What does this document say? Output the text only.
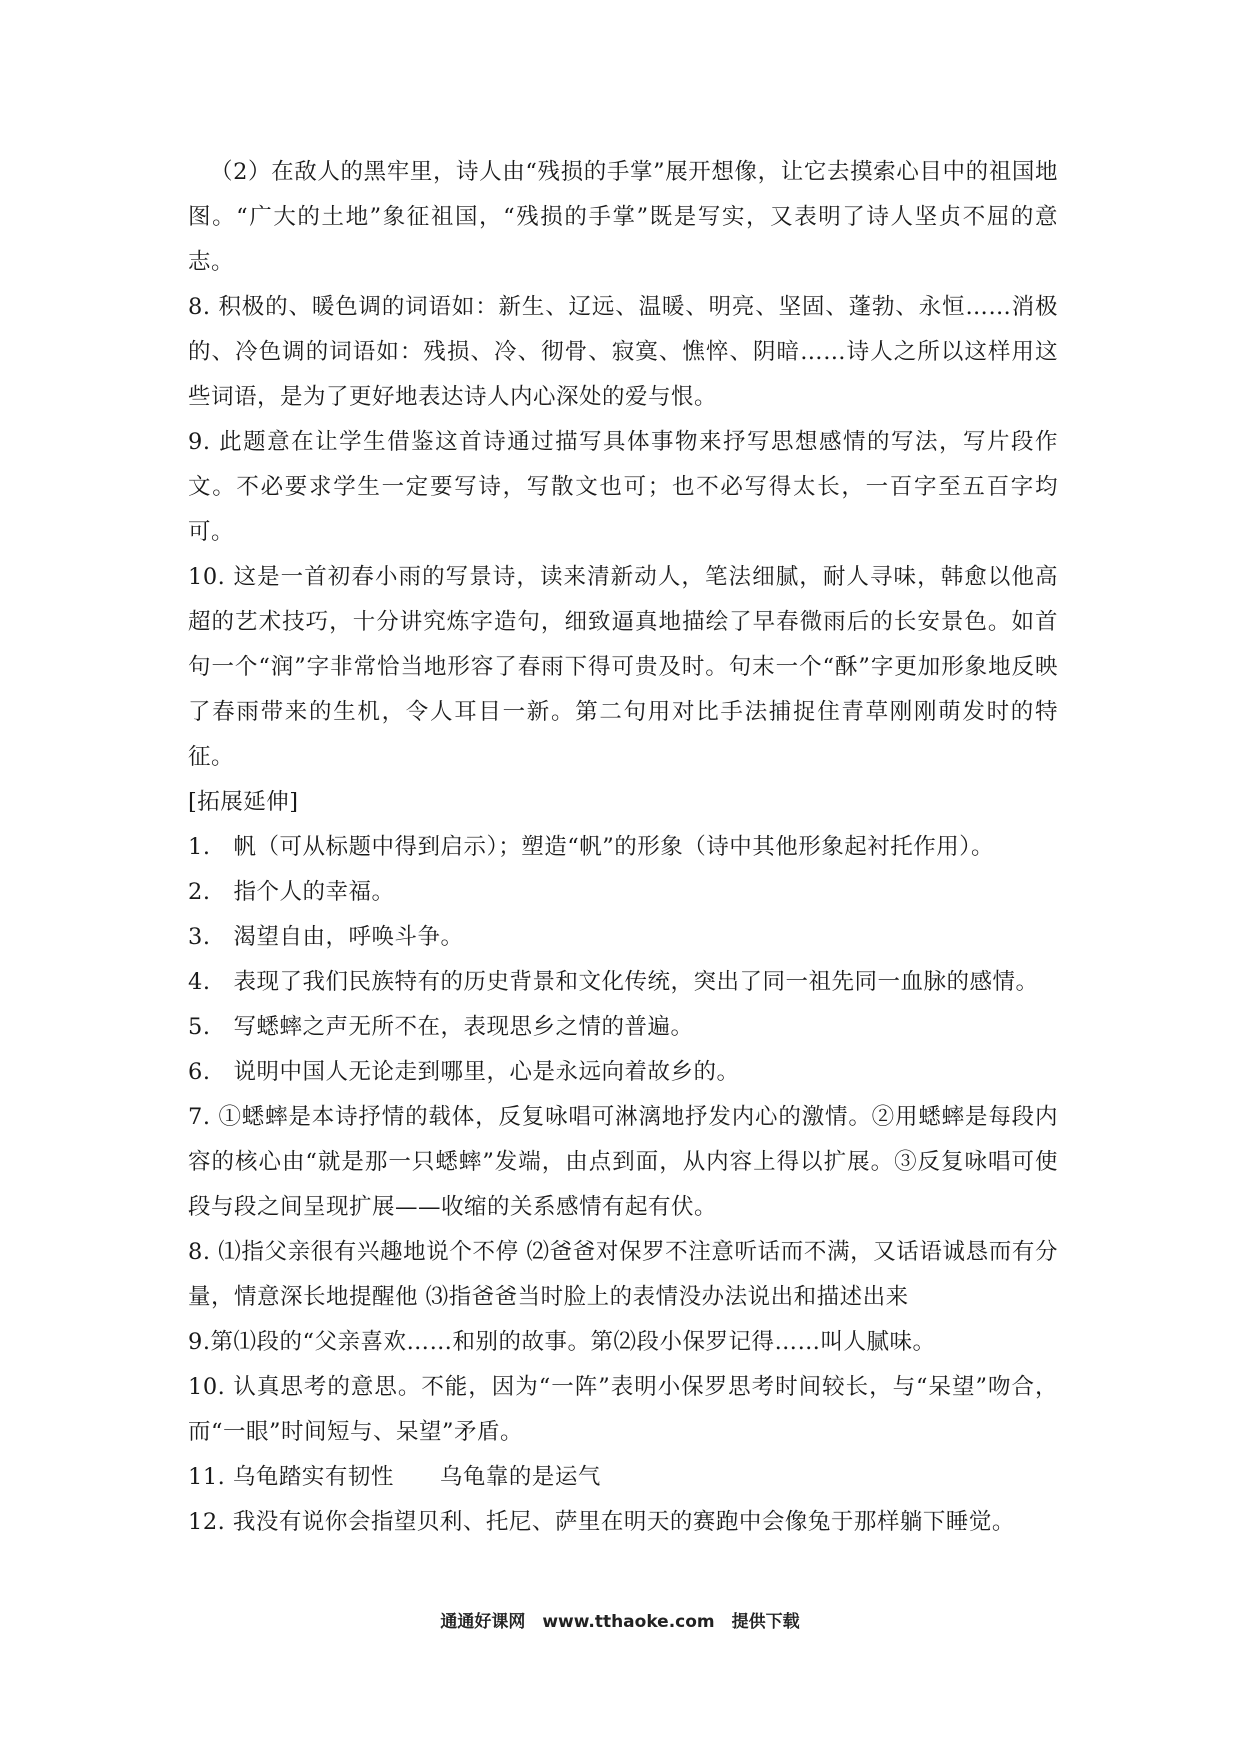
（2）在敌人的黑牢里，诗人由“残损的手掌”展开想像，让它去摸索心目中的祖国地图。“广大的土地”象征祖国，“残损的手掌”既是写实，又表明了诗人坚贞不屈的意志。

8. 积极的、暖色调的词语如：新生、辽远、温暖、明亮、坚固、蓬勃、永恒……消极的、冷色调的词语如：残损、冷、彻骨、寂寞、憔悴、阴暗……诗人之所以这样用这些词语，是为了更好地表达诗人内心深处的爱与恨。

9. 此题意在让学生借鉴这首诗通过描写具体事物来抒写思想感情的写法，写片段作文。不必要求学生一定要写诗，写散文也可；也不必写得太长，一百字至五百字均可。

10. 这是一首初春小雨的写景诗，读来清新动人，笔法细腻，耐人寻味，韩愈以他高超的艺术技巧，十分讲究炼字造句，细致逼真地描绘了早春微雨后的长安景色。如首句一个“润”字非常恰当地形容了春雨下得可贵及时。句末一个“酥”字更加形象地反映了春雨带来的生机，令人耳目一新。第二句用对比手法捕捉住青草刚刚萌发时的特征。

[拓展延伸]

1.　帆（可从标题中得到启示）；塑造“帆”的形象（诗中其他形象起衬托作用）。

2.　指个人的幸福。

3.　渴望自由，呼唤斗争。

4.　表现了我们民族特有的历史背景和文化传统，突出了同一祖先同一血脉的感情。

5.　写蟋蟀之声无所不在，表现思乡之情的普遍。

6.　说明中国人无论走到哪里，心是永远向着故乡的。

7. ①蟋蟀是本诗抒情的载体，反复咏唱可淋漓地抒发内心的激情。②用蟋蟀是每段内容的核心由“就是那一只蟋蟀”发端，由点到面，从内容上得以扩展。③反复咏唱可使段与段之间呈现扩展——收缩的关系感情有起有伏。

8. ⑴指父亲很有兴趣地说个不停 ⑵爸爸对保罗不注意听话而不满，又话语诚恳而有分量，情意深长地提醒他 ⑶指爸爸当时脸上的表情没办法说出和描述出来

9.第⑴段的“父亲喜欢……和别的故事。第⑵段小保罗记得……叫人腻味。

10. 认真思考的意思。不能，因为“一阵”表明小保罗思考时间较长，与“呆望”吻合，而“一眼”时间短与、呆望”矛盾。

11. 乌龟踏实有韧性　　乌龟靠的是运气

12. 我没有说你会指望贝利、托尼、萨里在明天的赛跑中会像兔于那样躺下睡觉。

通通好课网　www.tthaoke.com　提供下载
